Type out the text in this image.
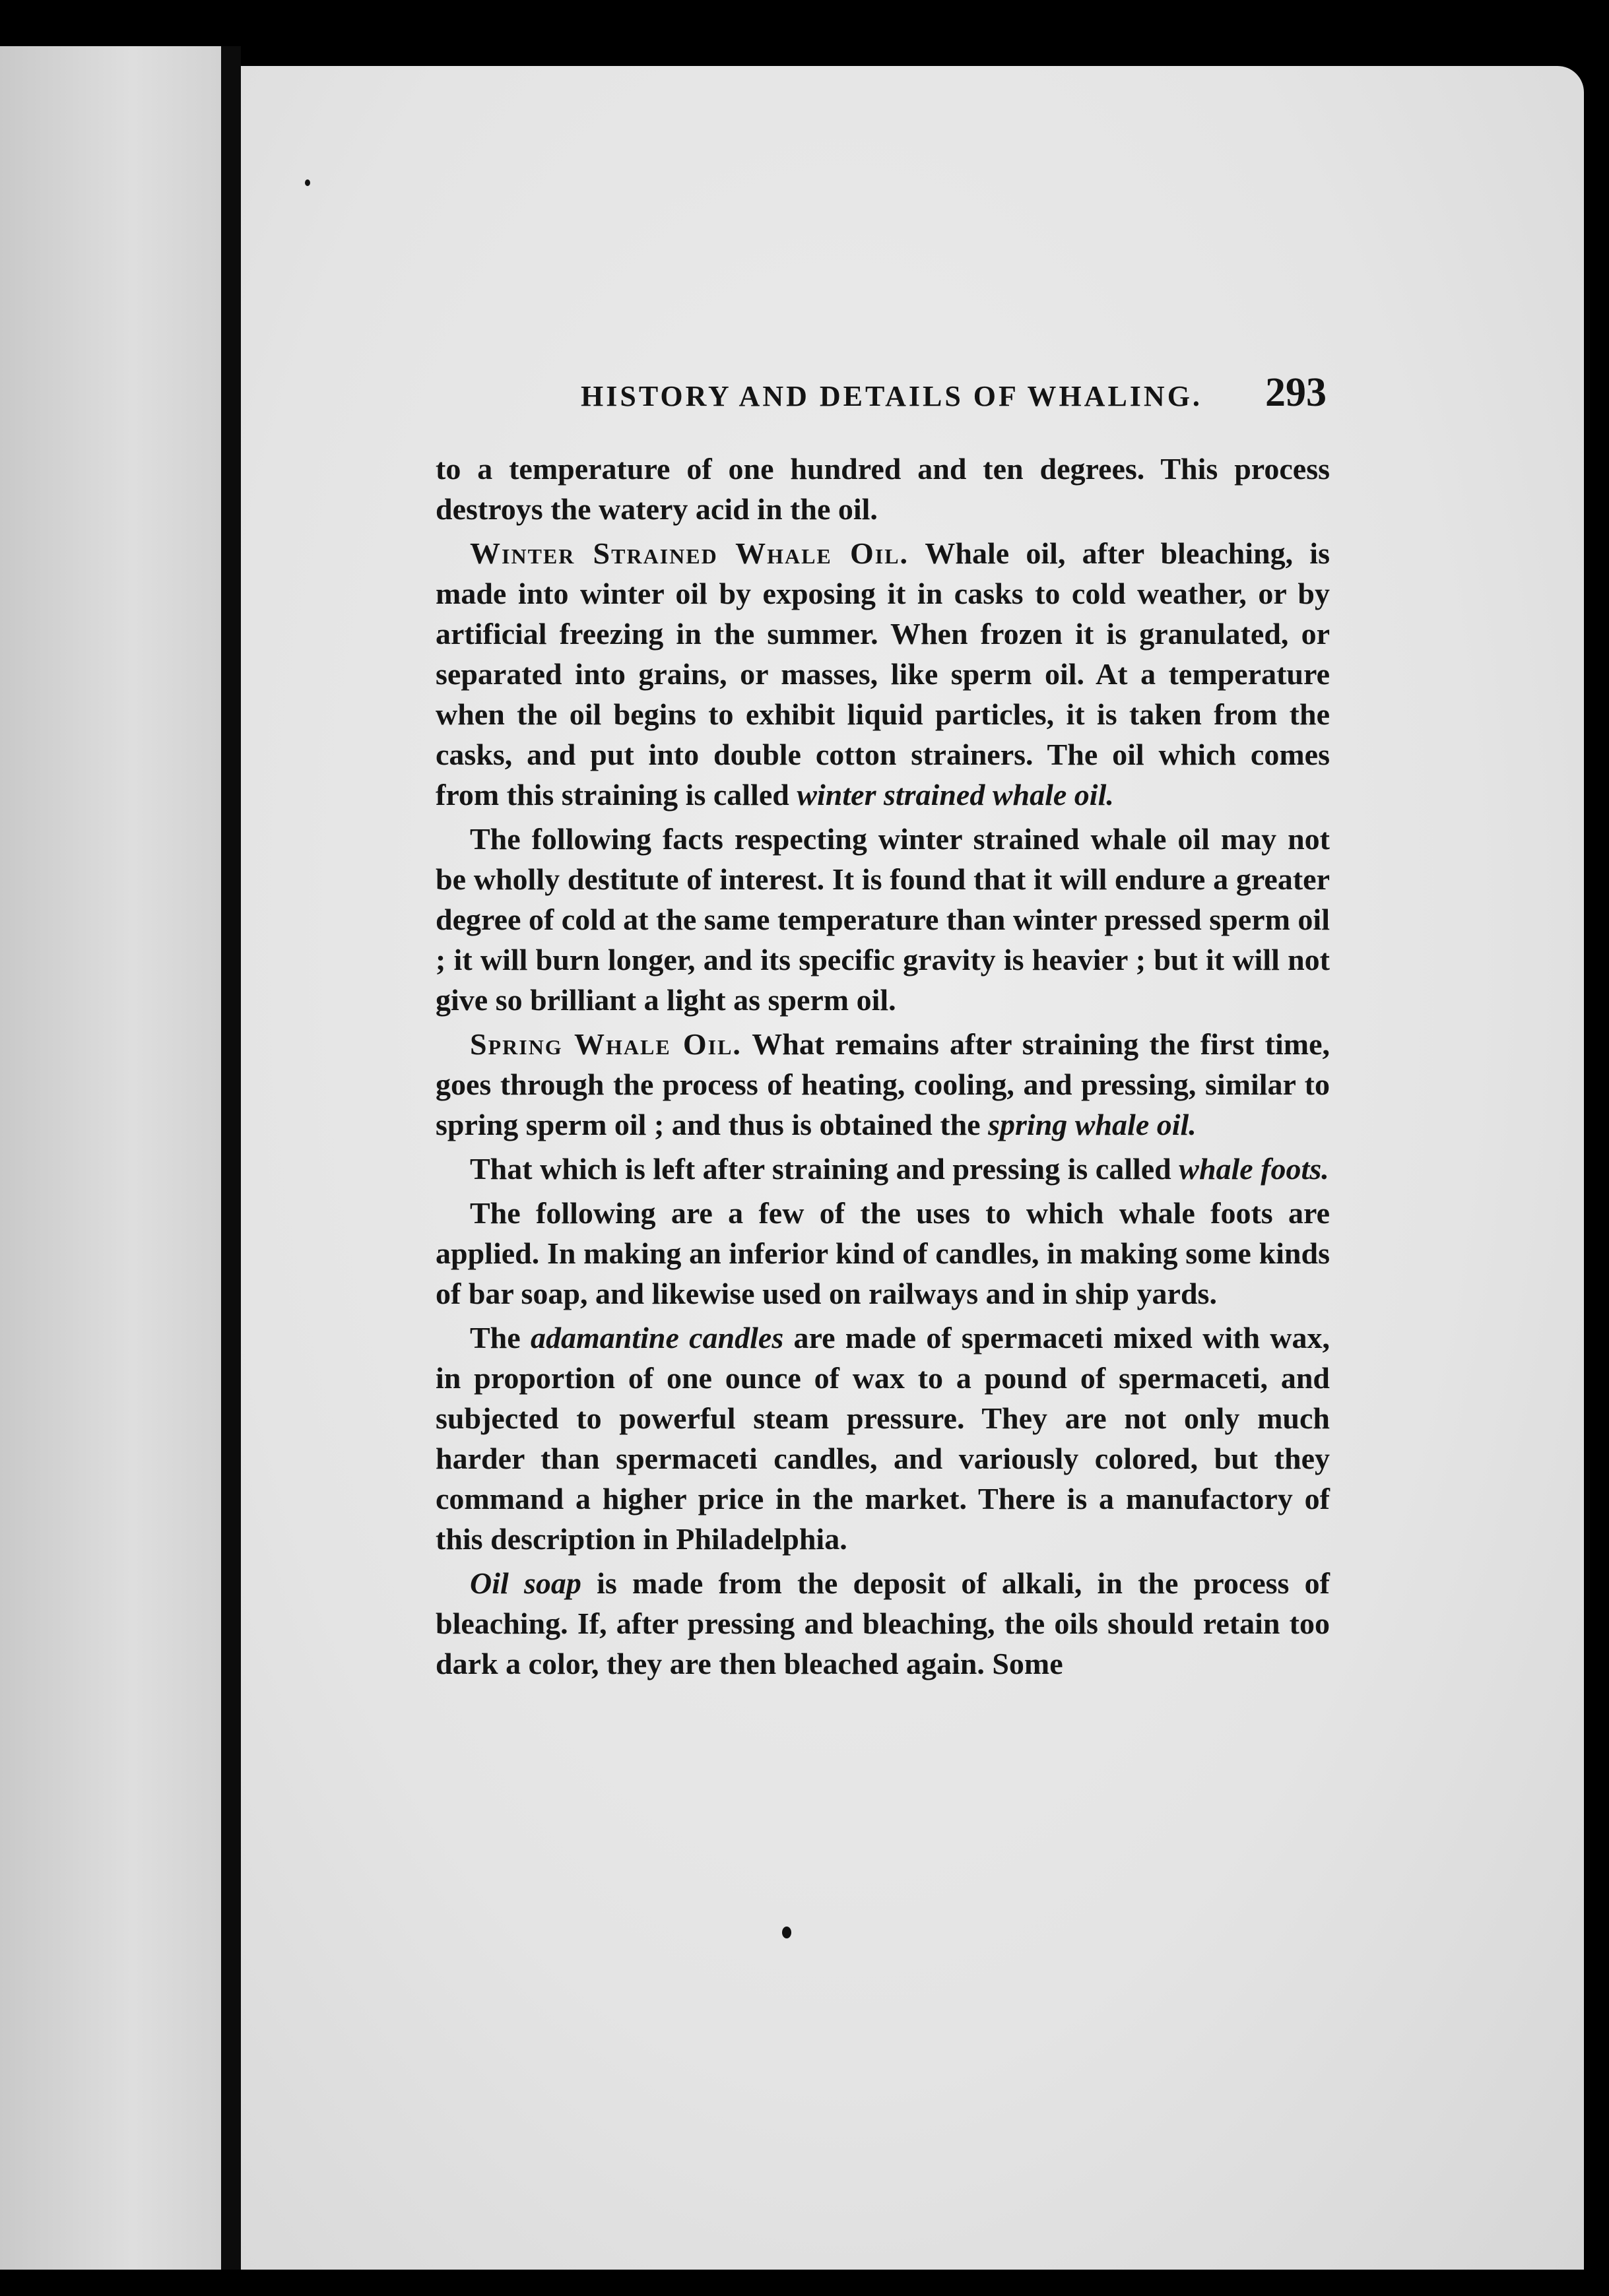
HISTORY AND DETAILS OF WHALING. 293

to a temperature of one hundred and ten degrees. This process destroys the watery acid in the oil.

Winter Strained Whale Oil. Whale oil, after bleaching, is made into winter oil by exposing it in casks to cold weather, or by artificial freezing in the summer. When frozen it is granulated, or separated into grains, or masses, like sperm oil. At a temperature when the oil begins to exhibit liquid particles, it is taken from the casks, and put into double cotton strainers. The oil which comes from this straining is called winter strained whale oil.

The following facts respecting winter strained whale oil may not be wholly destitute of interest. It is found that it will endure a greater degree of cold at the same temperature than winter pressed sperm oil ; it will burn longer, and its specific gravity is heavier ; but it will not give so brilliant a light as sperm oil.

Spring Whale Oil. What remains after straining the first time, goes through the process of heating, cooling, and pressing, similar to spring sperm oil ; and thus is obtained the spring whale oil.

That which is left after straining and pressing is called whale foots.

The following are a few of the uses to which whale foots are applied. In making an inferior kind of candles, in making some kinds of bar soap, and likewise used on railways and in ship yards.

The adamantine candles are made of spermaceti mixed with wax, in proportion of one ounce of wax to a pound of spermaceti, and subjected to powerful steam pressure. They are not only much harder than spermaceti candles, and variously colored, but they command a higher price in the market. There is a manufactory of this description in Philadelphia.

Oil soap is made from the deposit of alkali, in the process of bleaching. If, after pressing and bleaching, the oils should retain too dark a color, they are then bleached again. Some
